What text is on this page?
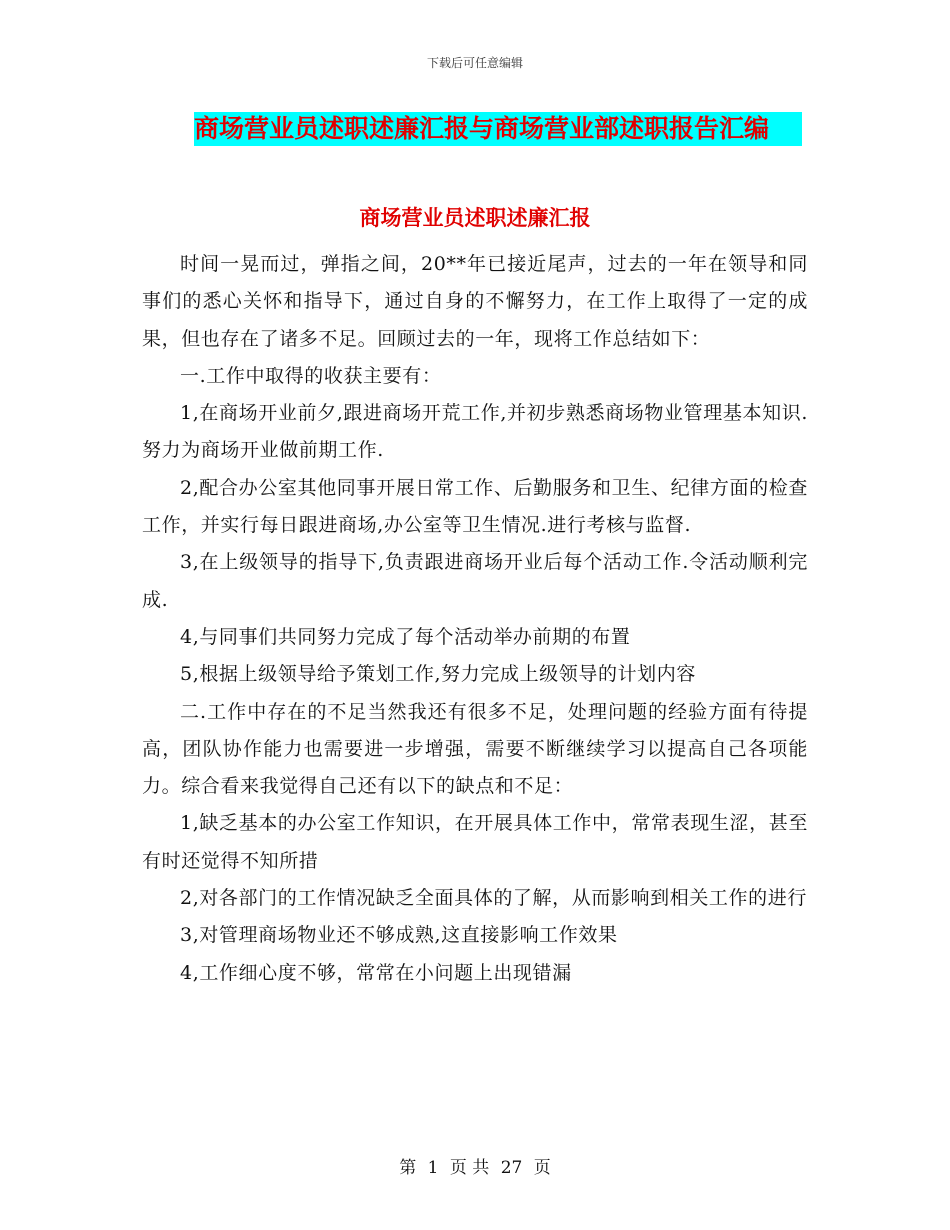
下载后可任意编辑
商场营业员述职述廉汇报与商场营业部述职报告汇编
商场营业员述职述廉汇报

时间一晃而过，弹指之间，20**年已接近尾声，过去的一年在领导和同事们的悉心关怀和指导下，通过自身的不懈努力，在工作上取得了一定的成果，但也存在了诸多不足。回顾过去的一年，现将工作总结如下：

一.工作中取得的收获主要有：

1,在商场开业前夕,跟进商场开荒工作,并初步熟悉商场物业管理基本知识.努力为商场开业做前期工作.

2,配合办公室其他同事开展日常工作、后勤服务和卫生、纪律方面的检查工作，并实行每日跟进商场,办公室等卫生情况.进行考核与监督.

3,在上级领导的指导下,负责跟进商场开业后每个活动工作.令活动顺利完成.

4,与同事们共同努力完成了每个活动举办前期的布置

5,根据上级领导给予策划工作,努力完成上级领导的计划内容

二.工作中存在的不足当然我还有很多不足，处理问题的经验方面有待提高，团队协作能力也需要进一步增强，需要不断继续学习以提高自己各项能力。综合看来我觉得自己还有以下的缺点和不足：

1,缺乏基本的办公室工作知识，在开展具体工作中，常常表现生涩，甚至有时还觉得不知所措

2,对各部门的工作情况缺乏全面具体的了解，从而影响到相关工作的进行

3,对管理商场物业还不够成熟,这直接影响工作效果

4,工作细心度不够，常常在小问题上出现错漏

第 1 页 共 27 页
